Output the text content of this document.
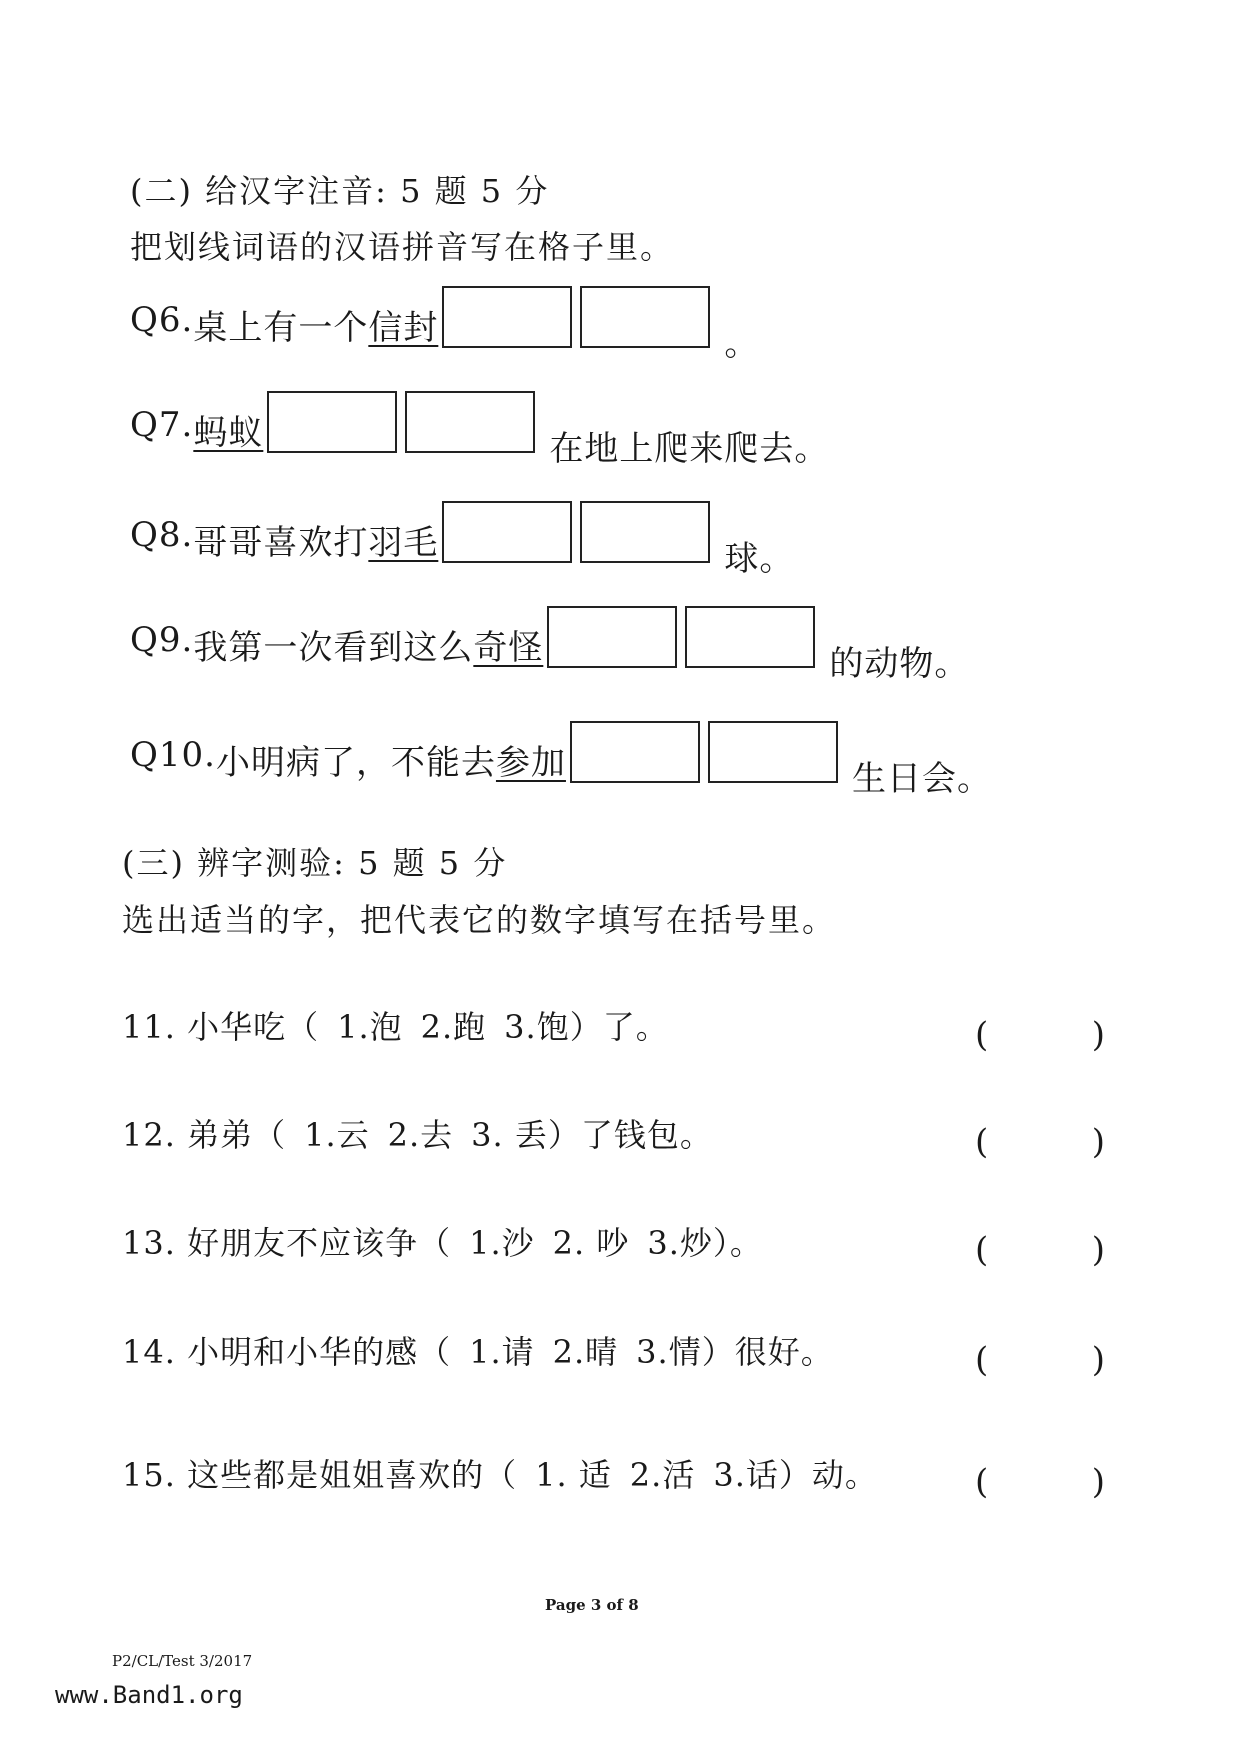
(二) 给汉字注音: 5 题 5 分
把划线词语的汉语拼音写在格子里。
Q6. 桌上有一个 信封	。
Q7. 蚂蚁	在地上爬来爬去。
Q8. 哥哥喜欢打 羽毛	球。
Q9. 我第一次看到这么 奇怪	的动物。
Q10. 小明病了，不能去 参加	生日会。
(三) 辨字测验: 5 题 5 分
选出适当的字，把代表它的数字填写在括号里。
11. 小华吃（ 1.泡 2.跑 3.饱）了。	(	)
12. 弟弟（ 1.云 2.去 3. 丢）了钱包。	(	)
13. 好朋友不应该争（ 1.沙 2. 吵 3.炒）。	(	)
14. 小明和小华的感（ 1.请 2.晴 3.情）很好。	(	)
15. 这些都是姐姐喜欢的（ 1. 适 2.活 3.话）动。	(	)
Page 3 of 8
P2/CL/Test 3/2017
www.Band1.org
